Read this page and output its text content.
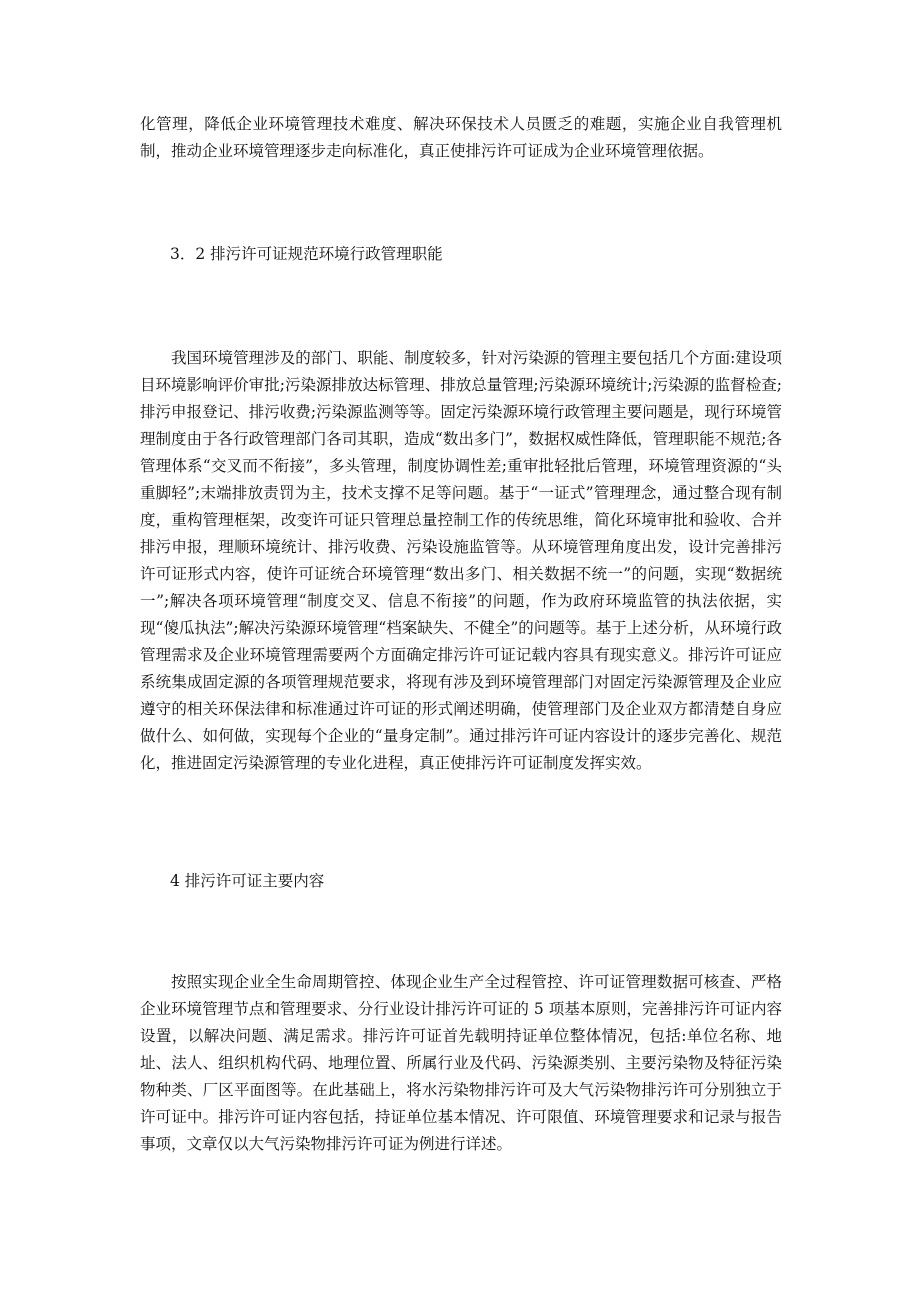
化管理，降低企业环境管理技术难度、解决环保技术人员匮乏的难题，实施企业自我管理机制，推动企业环境管理逐步走向标准化，真正使排污许可证成为企业环境管理依据。

3．2 排污许可证规范环境行政管理职能

我国环境管理涉及的部门、职能、制度较多，针对污染源的管理主要包括几个方面:建设项目环境影响评价审批;污染源排放达标管理、排放总量管理;污染源环境统计;污染源的监督检查;排污申报登记、排污收费;污染源监测等等。固定污染源环境行政管理主要问题是，现行环境管理制度由于各行政管理部门各司其职，造成“数出多门”，数据权威性降低，管理职能不规范;各管理体系“交叉而不衔接”，多头管理，制度协调性差;重审批轻批后管理，环境管理资源的“头重脚轻”;末端排放责罚为主，技术支撑不足等问题。基于“一证式”管理理念，通过整合现有制度，重构管理框架，改变许可证只管理总量控制工作的传统思维，简化环境审批和验收、合并排污申报，理顺环境统计、排污收费、污染设施监管等。从环境管理角度出发，设计完善排污许可证形式内容，使许可证统合环境管理“数出多门、相关数据不统一”的问题，实现“数据统一”;解决各项环境管理“制度交叉、信息不衔接”的问题，作为政府环境监管的执法依据，实现“傻瓜执法”;解决污染源环境管理“档案缺失、不健全”的问题等。基于上述分析，从环境行政管理需求及企业环境管理需要两个方面确定排污许可证记载内容具有现实意义。排污许可证应系统集成固定源的各项管理规范要求，将现有涉及到环境管理部门对固定污染源管理及企业应遵守的相关环保法律和标准通过许可证的形式阐述明确，使管理部门及企业双方都清楚自身应做什么、如何做，实现每个企业的“量身定制”。通过排污许可证内容设计的逐步完善化、规范化，推进固定污染源管理的专业化进程，真正使排污许可证制度发挥实效。

4 排污许可证主要内容

按照实现企业全生命周期管控、体现企业生产全过程管控、许可证管理数据可核查、严格企业环境管理节点和管理要求、分行业设计排污许可证的 5 项基本原则，完善排污许可证内容设置，以解决问题、满足需求。排污许可证首先载明持证单位整体情况，包括:单位名称、地址、法人、组织机构代码、地理位置、所属行业及代码、污染源类别、主要污染物及特征污染物种类、厂区平面图等。在此基础上，将水污染物排污许可及大气污染物排污许可分别独立于许可证中。排污许可证内容包括，持证单位基本情况、许可限值、环境管理要求和记录与报告事项，文章仅以大气污染物排污许可证为例进行详述。
